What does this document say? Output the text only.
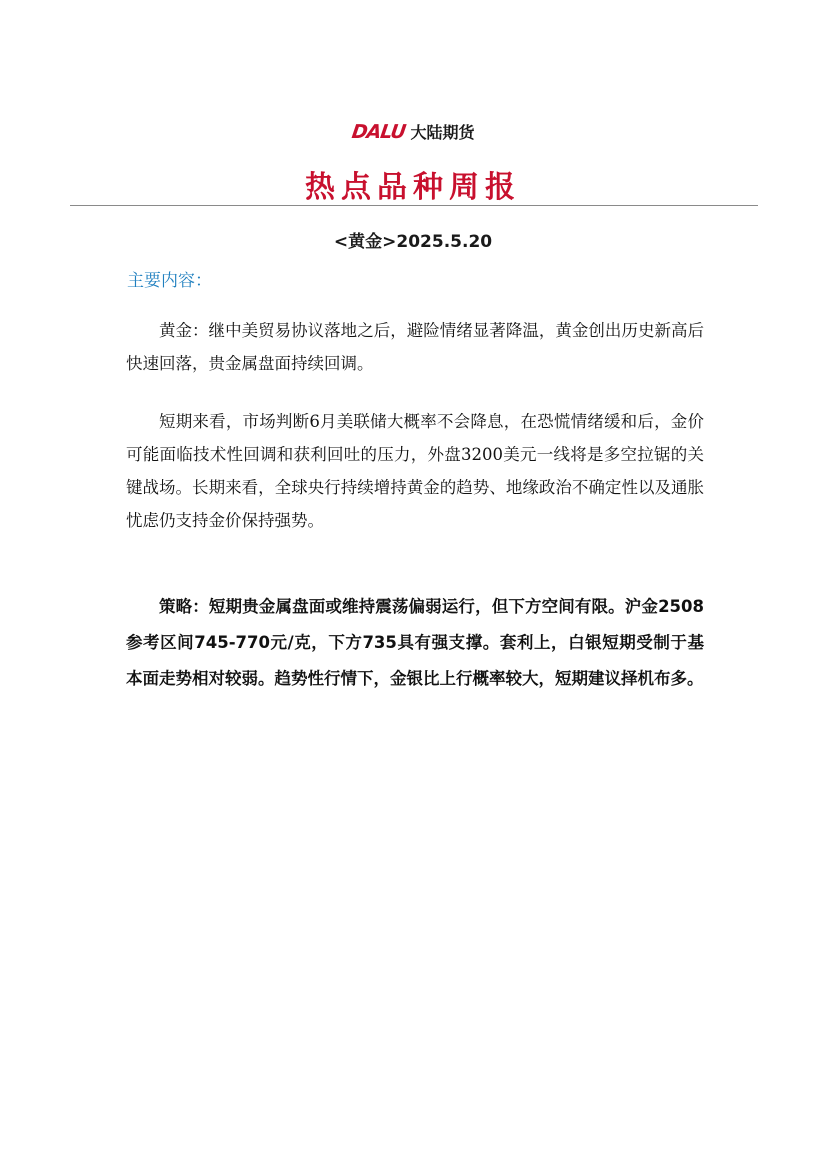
DALU 大陆期货
热点品种周报
<黄金>2025.5.20
主要内容：

黄金：继中美贸易协议落地之后，避险情绪显著降温，黄金创出历史新高后快速回落，贵金属盘面持续回调。

短期来看，市场判断6月美联储大概率不会降息，在恐慌情绪缓和后，金价可能面临技术性回调和获利回吐的压力，外盘3200美元一线将是多空拉锯的关键战场。长期来看，全球央行持续增持黄金的趋势、地缘政治不确定性以及通胀忧虑仍支持金价保持强势。

策略：短期贵金属盘面或维持震荡偏弱运行，但下方空间有限。沪金2508参考区间745-770元/克，下方735具有强支撑。套利上，白银短期受制于基本面走势相对较弱。趋势性行情下，金银比上行概率较大，短期建议择机布多。
